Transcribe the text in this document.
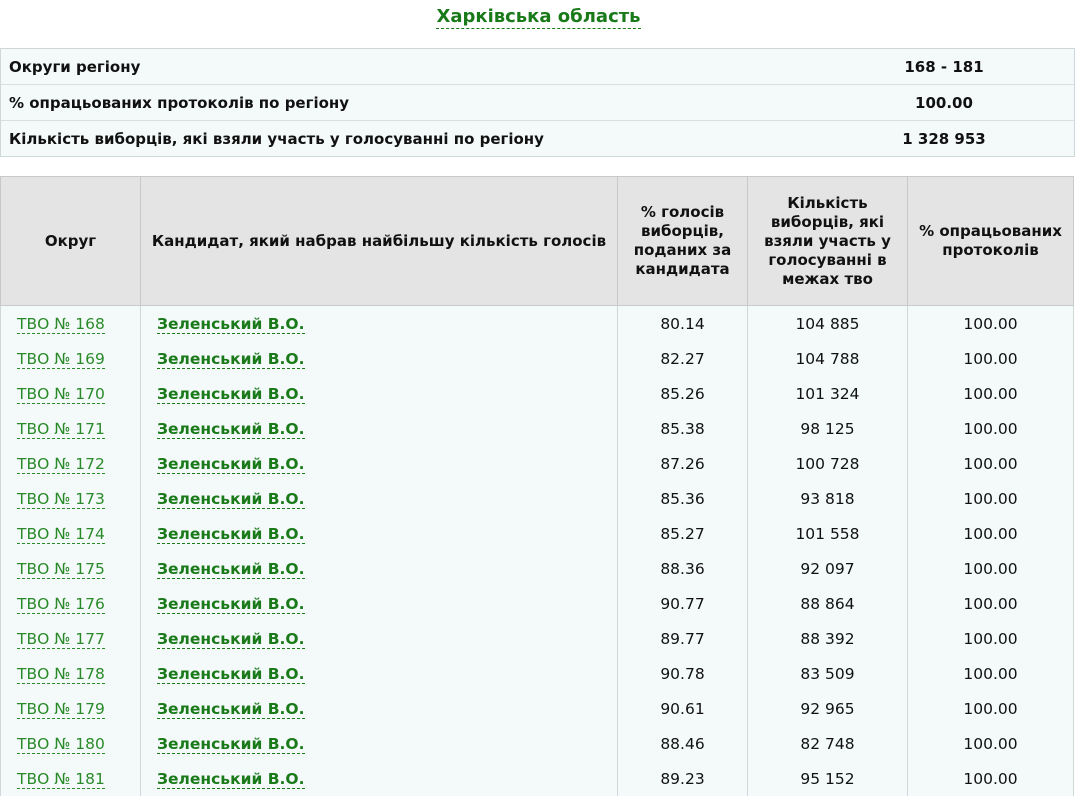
Харківська область
Округи регіону	168 - 181
% опрацьованих протоколів по регіону	100.00
Кількість виборців, які взяли участь у голосуванні по регіону	1 328 953
Округ	Кандидат, який набрав найбільшу кількість голосів	% голосів виборців, поданих за кандидата	Кількість виборців, які взяли участь у голосуванні в межах тво	% опрацьованих протоколів
ТВО № 168	Зеленський В.О.	80.14	104 885	100.00
ТВО № 169	Зеленський В.О.	82.27	104 788	100.00
ТВО № 170	Зеленський В.О.	85.26	101 324	100.00
ТВО № 171	Зеленський В.О.	85.38	98 125	100.00
ТВО № 172	Зеленський В.О.	87.26	100 728	100.00
ТВО № 173	Зеленський В.О.	85.36	93 818	100.00
ТВО № 174	Зеленський В.О.	85.27	101 558	100.00
ТВО № 175	Зеленський В.О.	88.36	92 097	100.00
ТВО № 176	Зеленський В.О.	90.77	88 864	100.00
ТВО № 177	Зеленський В.О.	89.77	88 392	100.00
ТВО № 178	Зеленський В.О.	90.78	83 509	100.00
ТВО № 179	Зеленський В.О.	90.61	92 965	100.00
ТВО № 180	Зеленський В.О.	88.46	82 748	100.00
ТВО № 181	Зеленський В.О.	89.23	95 152	100.00
